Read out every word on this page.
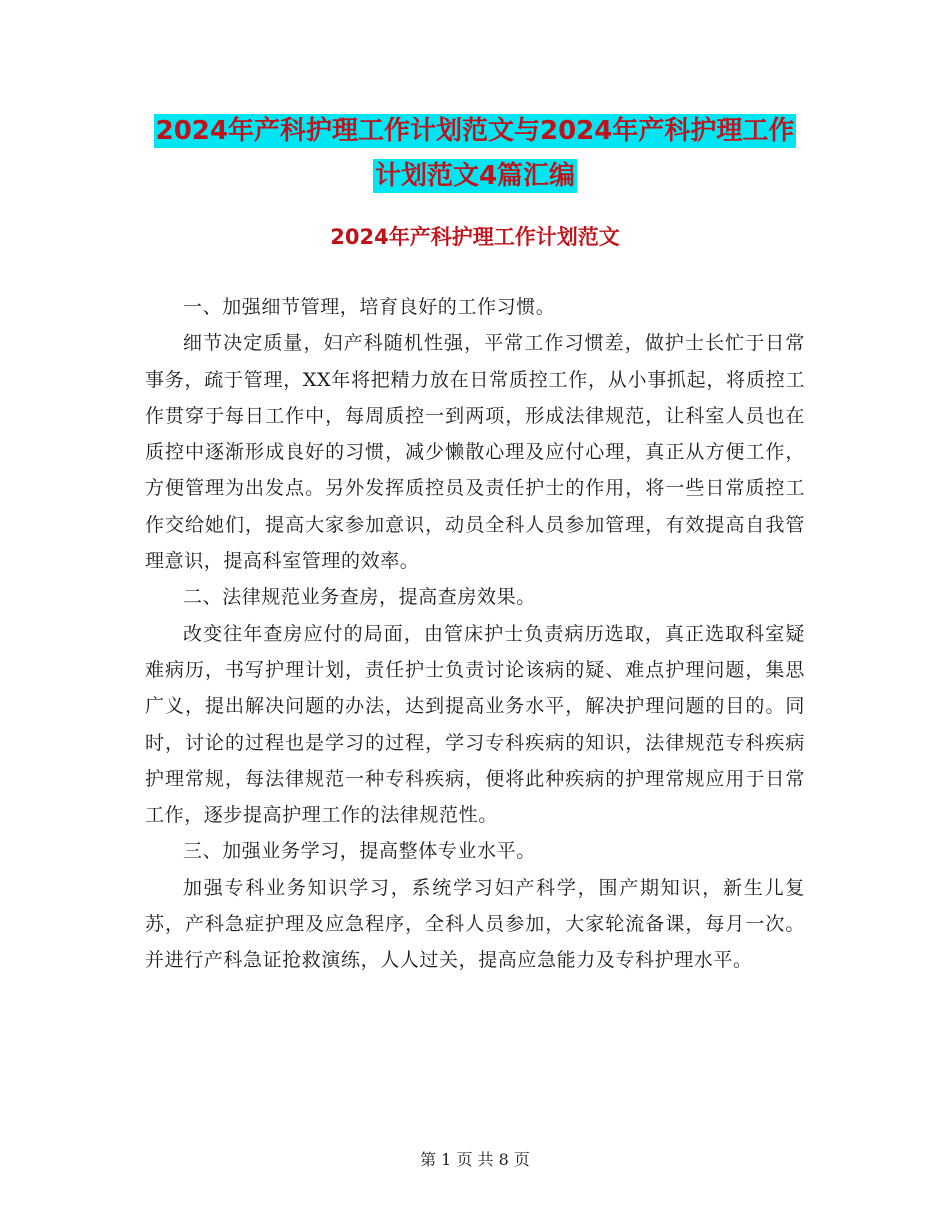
2024年产科护理工作计划范文与2024年产科护理工作
计划范文4篇汇编
2024年产科护理工作计划范文

一、加强细节管理，培育良好的工作习惯。

细节决定质量，妇产科随机性强，平常工作习惯差，做护士长忙于日常事务，疏于管理，XX年将把精力放在日常质控工作，从小事抓起，将质控工作贯穿于每日工作中，每周质控一到两项，形成法律规范，让科室人员也在质控中逐渐形成良好的习惯，减少懒散心理及应付心理，真正从方便工作，方便管理为出发点。另外发挥质控员及责任护士的作用，将一些日常质控工作交给她们，提高大家参加意识，动员全科人员参加管理，有效提高自我管理意识，提高科室管理的效率。

二、法律规范业务查房，提高查房效果。

改变往年查房应付的局面，由管床护士负责病历选取，真正选取科室疑难病历，书写护理计划，责任护士负责讨论该病的疑、难点护理问题，集思广义，提出解决问题的办法，达到提高业务水平，解决护理问题的目的。同时，讨论的过程也是学习的过程，学习专科疾病的知识，法律规范专科疾病护理常规，每法律规范一种专科疾病，便将此种疾病的护理常规应用于日常工作，逐步提高护理工作的法律规范性。

三、加强业务学习，提高整体专业水平。

加强专科业务知识学习，系统学习妇产科学，围产期知识，新生儿复苏，产科急症护理及应急程序，全科人员参加，大家轮流备课，每月一次。并进行产科急证抢救演练，人人过关，提高应急能力及专科护理水平。

第 1 页 共 8 页
